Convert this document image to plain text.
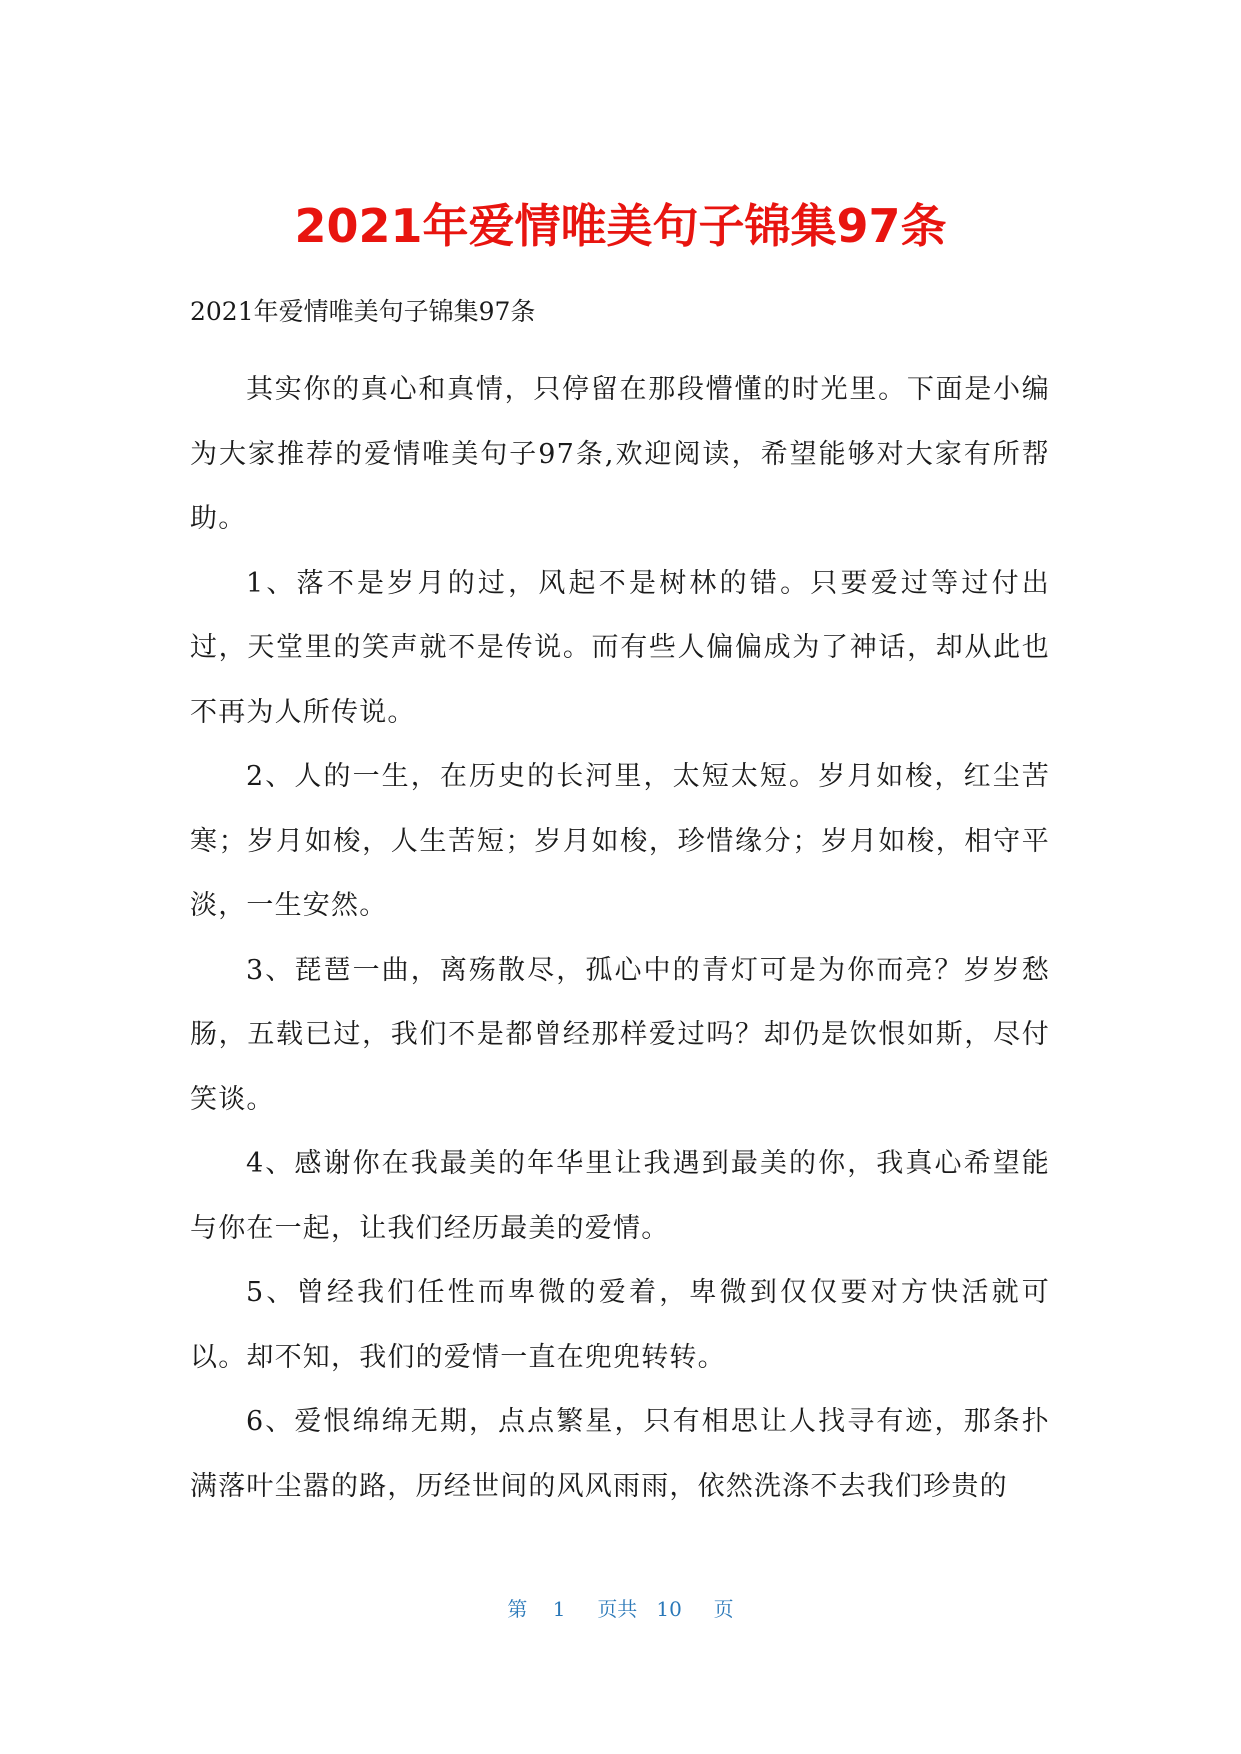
2021年爱情唯美句子锦集97条

2021年爱情唯美句子锦集97条

其实你的真心和真情，只停留在那段懵懂的时光里。下面是小编为大家推荐的爱情唯美句子97条,欢迎阅读，希望能够对大家有所帮助。

1、落不是岁月的过，风起不是树林的错。只要爱过等过付出过，天堂里的笑声就不是传说。而有些人偏偏成为了神话，却从此也不再为人所传说。

2、人的一生，在历史的长河里，太短太短。岁月如梭，红尘苦寒；岁月如梭，人生苦短；岁月如梭，珍惜缘分；岁月如梭，相守平淡，一生安然。

3、琵琶一曲，离殇散尽，孤心中的青灯可是为你而亮？岁岁愁肠，五载已过，我们不是都曾经那样爱过吗？却仍是饮恨如斯，尽付笑谈。

4、感谢你在我最美的年华里让我遇到最美的你，我真心希望能与你在一起，让我们经历最美的爱情。

5、曾经我们任性而卑微的爱着，卑微到仅仅要对方快活就可以。却不知，我们的爱情一直在兜兜转转。

6、爱恨绵绵无期，点点繁星，只有相思让人找寻有迹，那条扑满落叶尘嚣的路，历经世间的风风雨雨，依然洗涤不去我们珍贵的

第 1 页共 10 页
